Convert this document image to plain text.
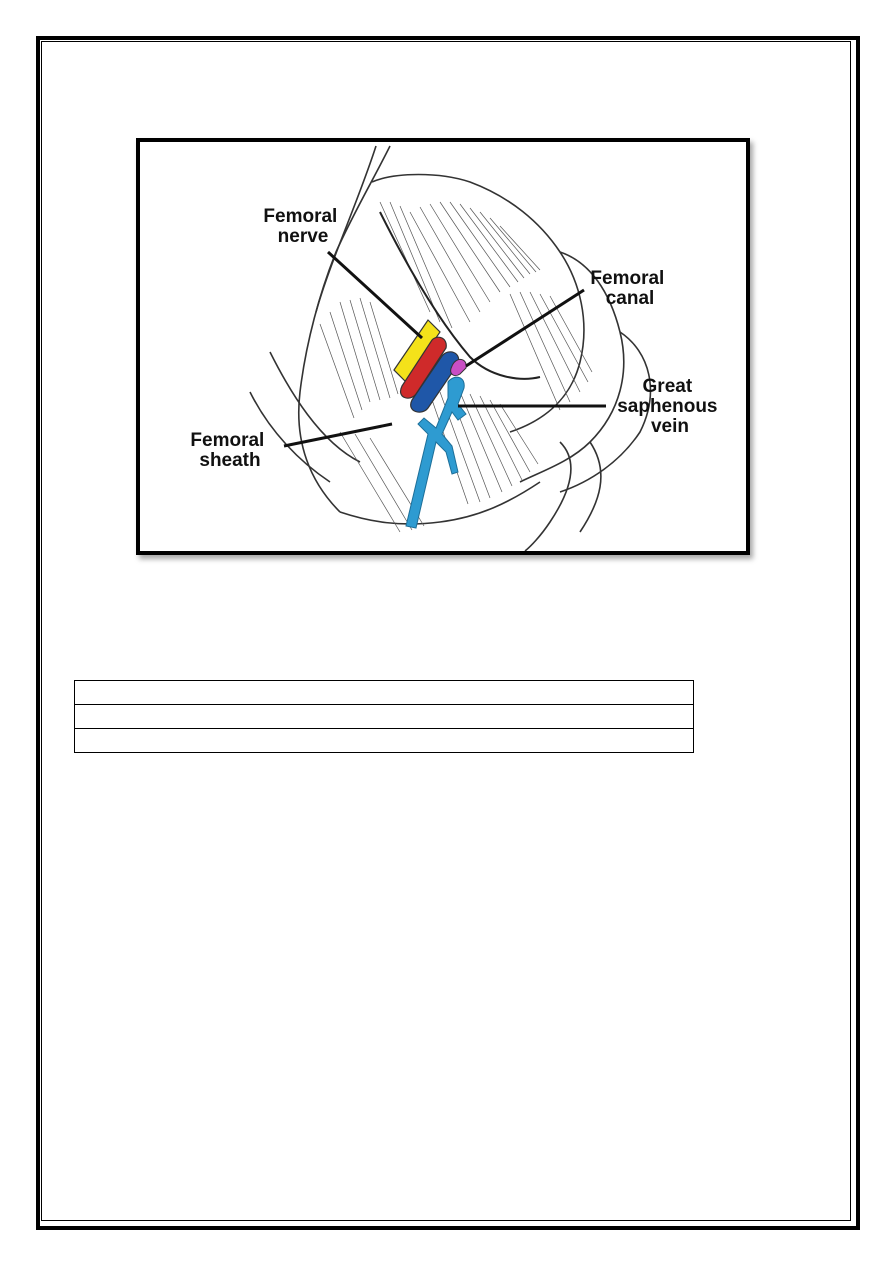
Femoral nerve
Femoral canal
Great saphenous vein
Femoral sheath
